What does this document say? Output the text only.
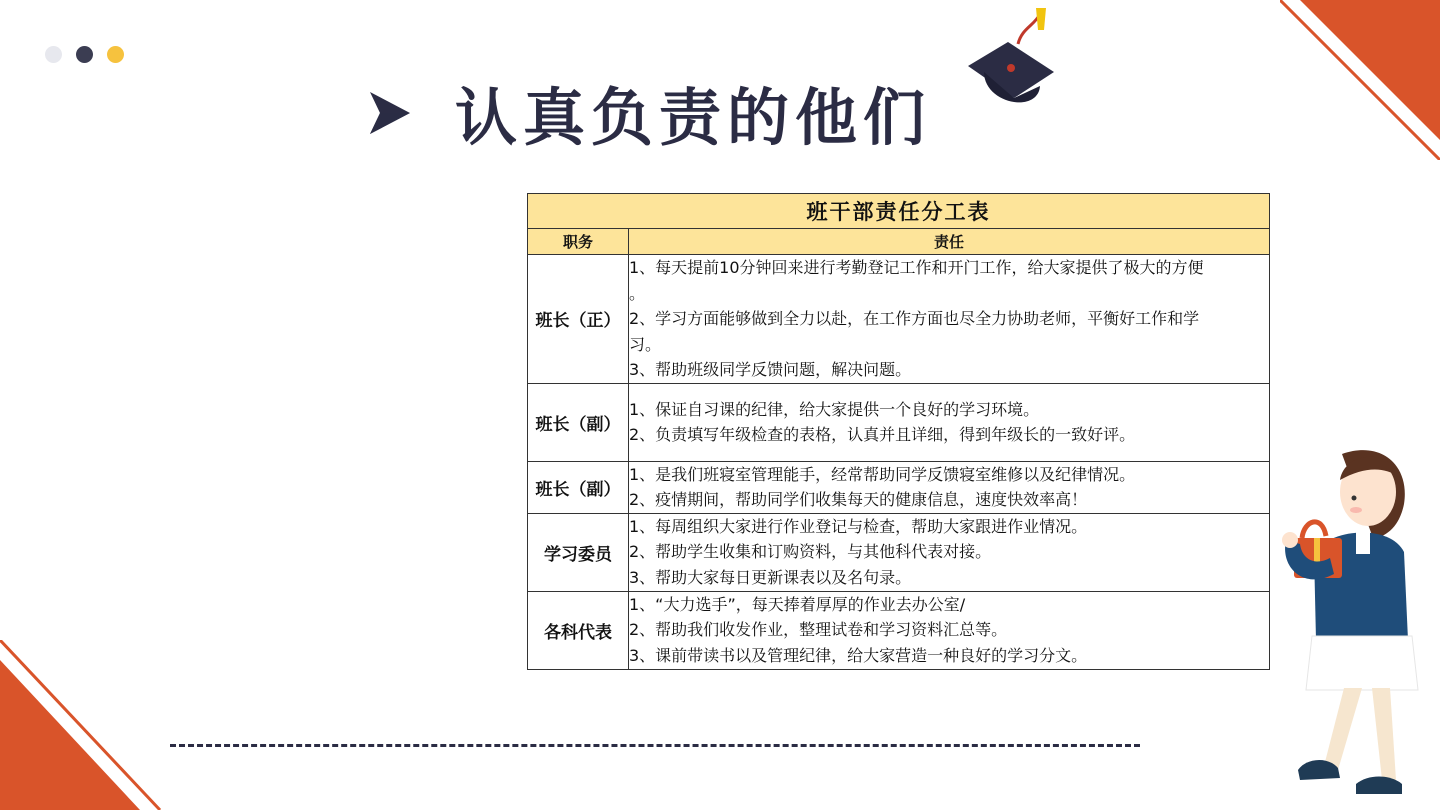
认真负责的他们
班干部责任分工表	
职务	责任
班长（正）	1、每天提前10分钟回来进行考勤登记工作和开门工作，给大家提供了极大的方便
。
2、学习方面能够做到全力以赴，在工作方面也尽全力协助老师，平衡好工作和学
习。
3、帮助班级同学反馈问题，解决问题。

班长（副）	1、保证自习课的纪律，给大家提供一个良好的学习环境。
2、负责填写年级检查的表格，认真并且详细，得到年级长的一致好评。

班长（副）	1、是我们班寝室管理能手，经常帮助同学反馈寝室维修以及纪律情况。
2、疫情期间，帮助同学们收集每天的健康信息，速度快效率高！

学习委员	1、每周组织大家进行作业登记与检查，帮助大家跟进作业情况。
2、帮助学生收集和订购资料，与其他科代表对接。
3、帮助大家每日更新课表以及名句录。

各科代表	1、“大力选手”，每天捧着厚厚的作业去办公室/
2、帮助我们收发作业，整理试卷和学习资料汇总等。
3、课前带读书以及管理纪律，给大家营造一种良好的学习分文。
